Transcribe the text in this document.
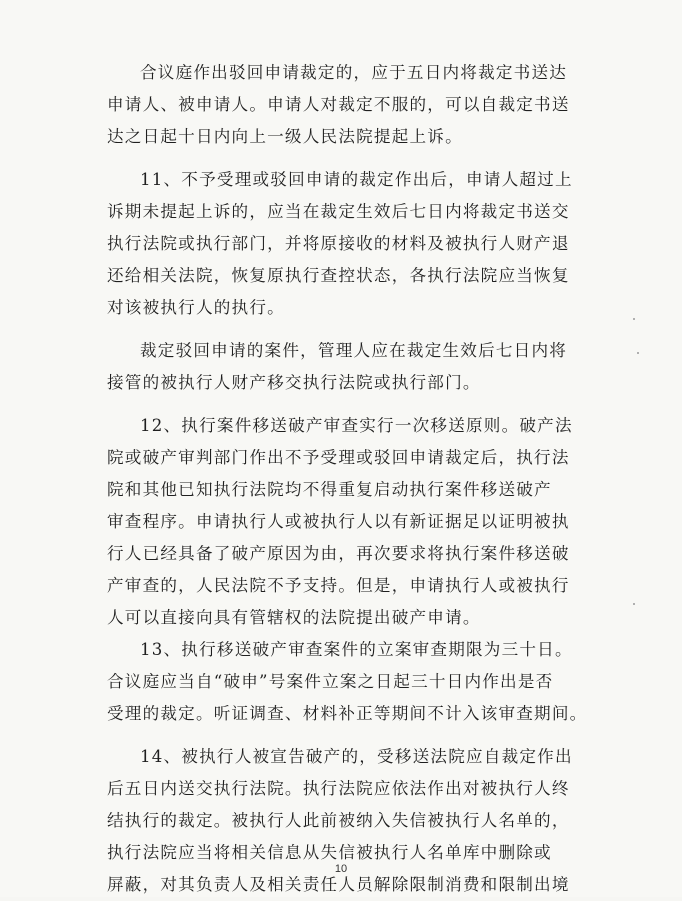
合议庭作出驳回申请裁定的，应于五日内将裁定书送达
申请人、被申请人。申请人对裁定不服的，可以自裁定书送
达之日起十日内向上一级人民法院提起上诉。
11、不予受理或驳回申请的裁定作出后，申请人超过上
诉期未提起上诉的，应当在裁定生效后七日内将裁定书送交
执行法院或执行部门，并将原接收的材料及被执行人财产退
还给相关法院，恢复原执行查控状态，各执行法院应当恢复
对该被执行人的执行。
裁定驳回申请的案件，管理人应在裁定生效后七日内将
接管的被执行人财产移交执行法院或执行部门。
12、执行案件移送破产审查实行一次移送原则。破产法
院或破产审判部门作出不予受理或驳回申请裁定后，执行法
院和其他已知执行法院均不得重复启动执行案件移送破产
审查程序。申请执行人或被执行人以有新证据足以证明被执
行人已经具备了破产原因为由，再次要求将执行案件移送破
产审查的，人民法院不予支持。但是，申请执行人或被执行
人可以直接向具有管辖权的法院提出破产申请。
13、执行移送破产审查案件的立案审查期限为三十日。
合议庭应当自“破申”号案件立案之日起三十日内作出是否
受理的裁定。听证调查、材料补正等期间不计入该审查期间。
14、被执行人被宣告破产的，受移送法院应自裁定作出
后五日内送交执行法院。执行法院应依法作出对被执行人终
结执行的裁定。被执行人此前被纳入失信被执行人名单的，
执行法院应当将相关信息从失信被执行人名单库中删除或
屏蔽，对其负责人及相关责任人员解除限制消费和限制出境
10
